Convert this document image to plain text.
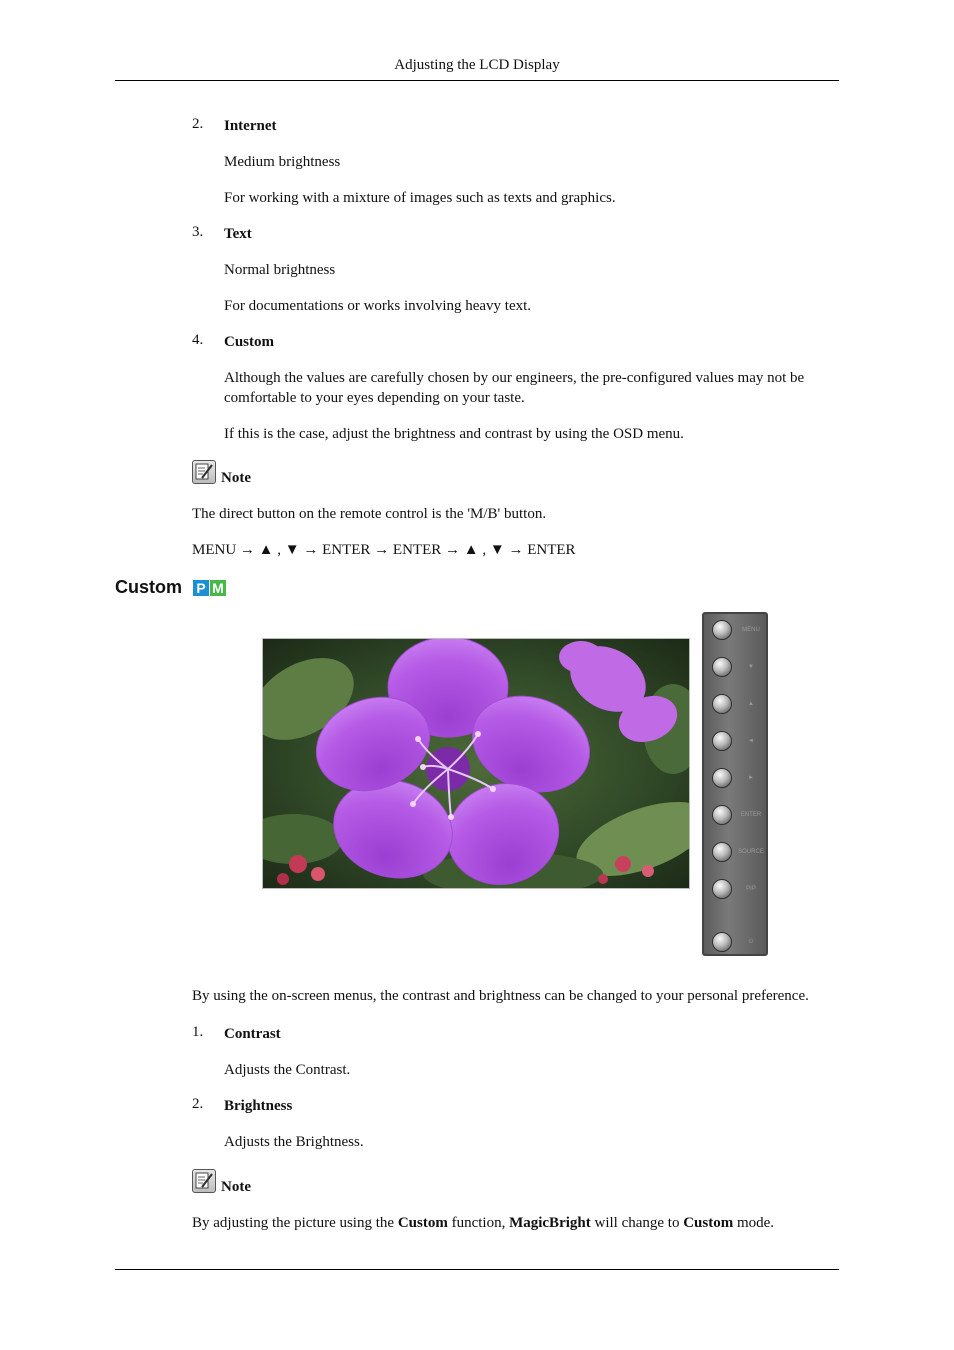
Adjusting the LCD Display
2. Internet
Medium brightness
For working with a mixture of images such as texts and graphics.
3. Text
Normal brightness
For documentations or works involving heavy text.
4. Custom
Although the values are carefully chosen by our engineers, the pre-configured values may not be comfortable to your eyes depending on your taste.
If this is the case, adjust the brightness and contrast by using the OSD menu.
Note
The direct button on the remote control is the 'M/B' button.
MENU → ▲ , ▼ → ENTER → ENTER → ▲ , ▼ → ENTER
Custom P M
MENU
▼
▲
◄
►
ENTER
SOURCE
PIP
⏻
By using the on-screen menus, the contrast and brightness can be changed to your personal preference.
1. Contrast
Adjusts the Contrast.
2. Brightness
Adjusts the Brightness.
Note
By adjusting the picture using the Custom function, MagicBright will change to Custom mode.
